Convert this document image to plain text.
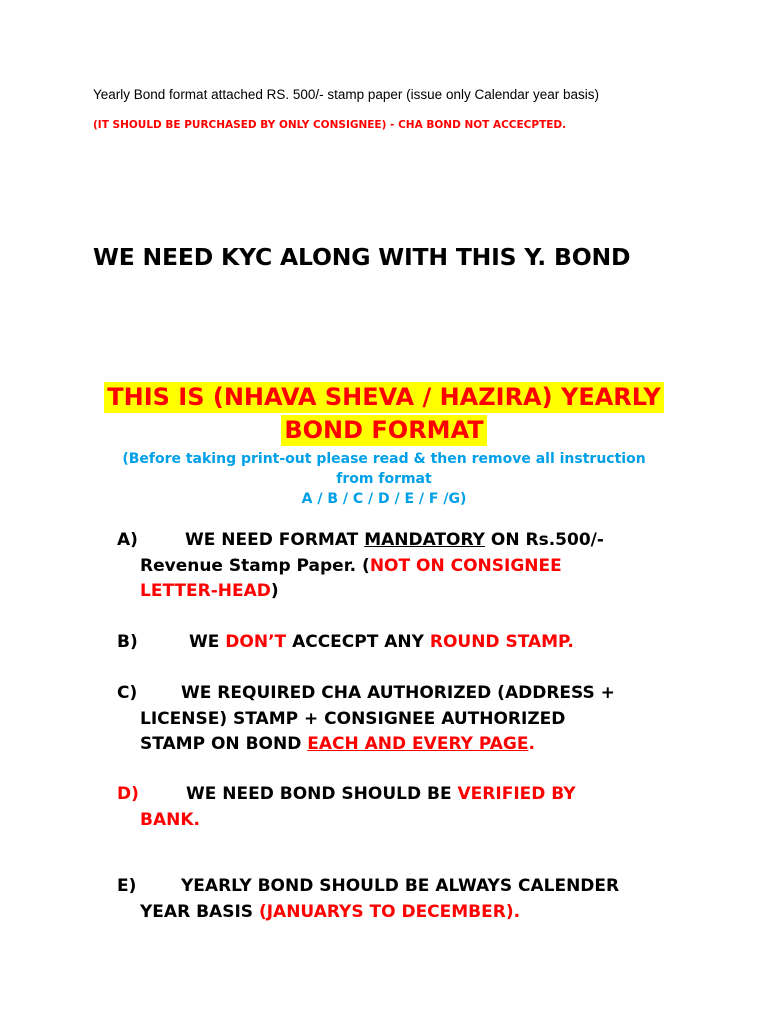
Yearly Bond format attached RS. 500/- stamp paper (issue only Calendar year basis)
(IT SHOULD BE PURCHASED BY ONLY CONSIGNEE) - CHA BOND NOT ACCECPTED.
WE NEED KYC ALONG WITH THIS Y. BOND
THIS IS (NHAVA SHEVA / HAZIRA) YEARLY
BOND FORMAT
(Before taking print-out please read & then remove all instruction
from format
A / B / C / D / E / F /G)
A)	WE NEED FORMAT MANDATORY ON Rs.500/-
Revenue Stamp Paper. (NOT ON CONSIGNEE
LETTER-HEAD)
B)	WE DON’T ACCECPT ANY ROUND STAMP.
C)	WE REQUIRED CHA AUTHORIZED (ADDRESS +
LICENSE) STAMP + CONSIGNEE AUTHORIZED
STAMP ON BOND EACH AND EVERY PAGE.
D)	WE NEED BOND SHOULD BE VERIFIED BY
BANK.
E)	YEARLY BOND SHOULD BE ALWAYS CALENDER
YEAR BASIS (JANUARYS TO DECEMBER).
